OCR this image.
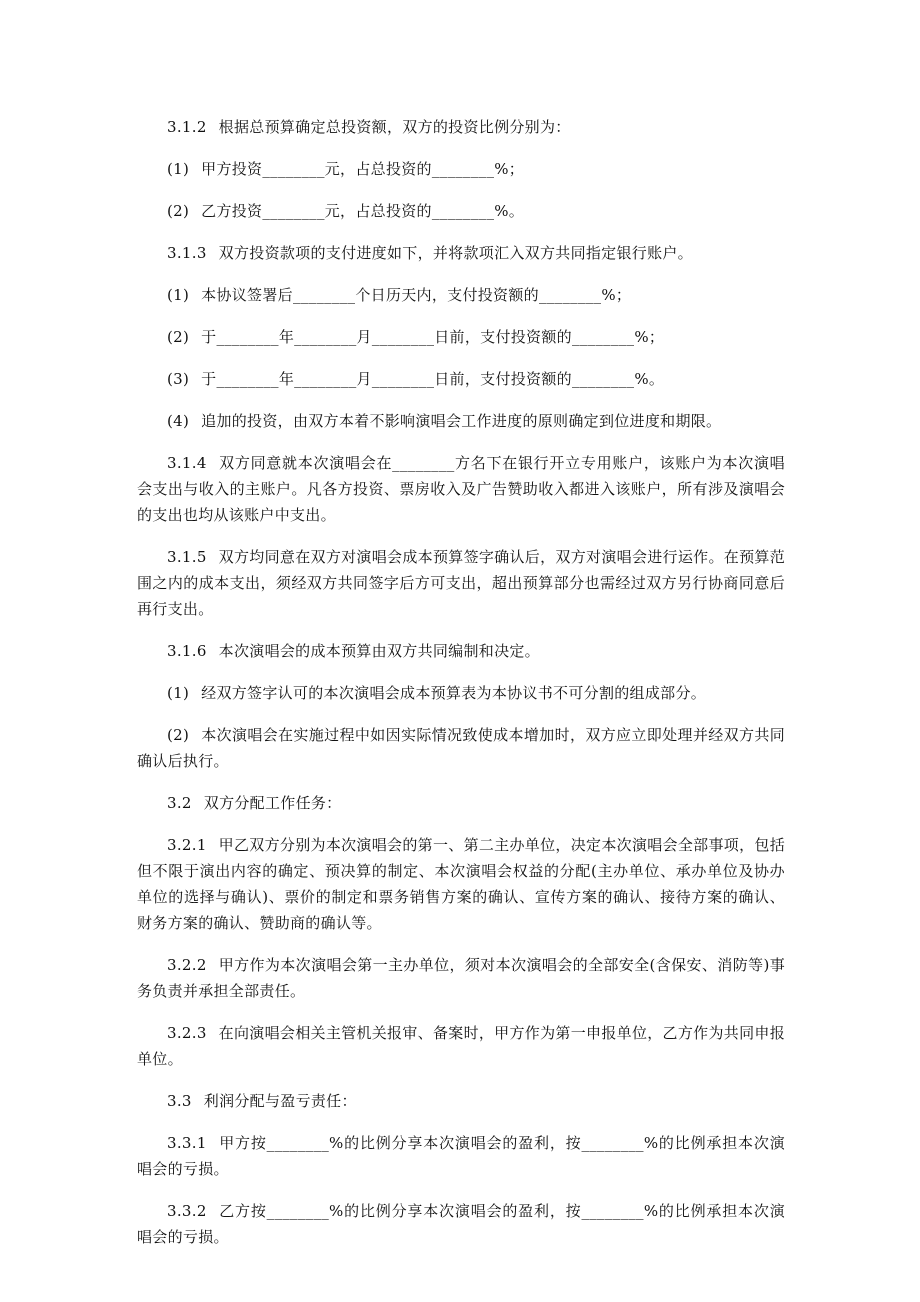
3.1.2 根据总预算确定总投资额，双方的投资比例分别为：

(1) 甲方投资________元，占总投资的________%；

(2) 乙方投资________元，占总投资的________%。

3.1.3 双方投资款项的支付进度如下，并将款项汇入双方共同指定银行账户。

(1) 本协议签署后________个日历天内，支付投资额的________%；

(2) 于________年________月________日前，支付投资额的________%；

(3) 于________年________月________日前，支付投资额的________%。

(4) 追加的投资，由双方本着不影响演唱会工作进度的原则确定到位进度和期限。

3.1.4 双方同意就本次演唱会在________方名下在银行开立专用账户，该账户为本次演唱会支出与收入的主账户。凡各方投资、票房收入及广告赞助收入都进入该账户，所有涉及演唱会的支出也均从该账户中支出。

3.1.5 双方均同意在双方对演唱会成本预算签字确认后，双方对演唱会进行运作。在预算范围之内的成本支出，须经双方共同签字后方可支出，超出预算部分也需经过双方另行协商同意后再行支出。

3.1.6 本次演唱会的成本预算由双方共同编制和决定。

(1) 经双方签字认可的本次演唱会成本预算表为本协议书不可分割的组成部分。

(2) 本次演唱会在实施过程中如因实际情况致使成本增加时，双方应立即处理并经双方共同确认后执行。

3.2 双方分配工作任务：

3.2.1 甲乙双方分别为本次演唱会的第一、第二主办单位，决定本次演唱会全部事项，包括但不限于演出内容的确定、预决算的制定、本次演唱会权益的分配(主办单位、承办单位及协办单位的选择与确认)、票价的制定和票务销售方案的确认、宣传方案的确认、接待方案的确认、财务方案的确认、赞助商的确认等。

3.2.2 甲方作为本次演唱会第一主办单位，须对本次演唱会的全部安全(含保安、消防等)事务负责并承担全部责任。

3.2.3 在向演唱会相关主管机关报审、备案时，甲方作为第一申报单位，乙方作为共同申报单位。

3.3 利润分配与盈亏责任：

3.3.1 甲方按________%的比例分享本次演唱会的盈利，按________%的比例承担本次演唱会的亏损。

3.3.2 乙方按________%的比例分享本次演唱会的盈利，按________%的比例承担本次演唱会的亏损。
